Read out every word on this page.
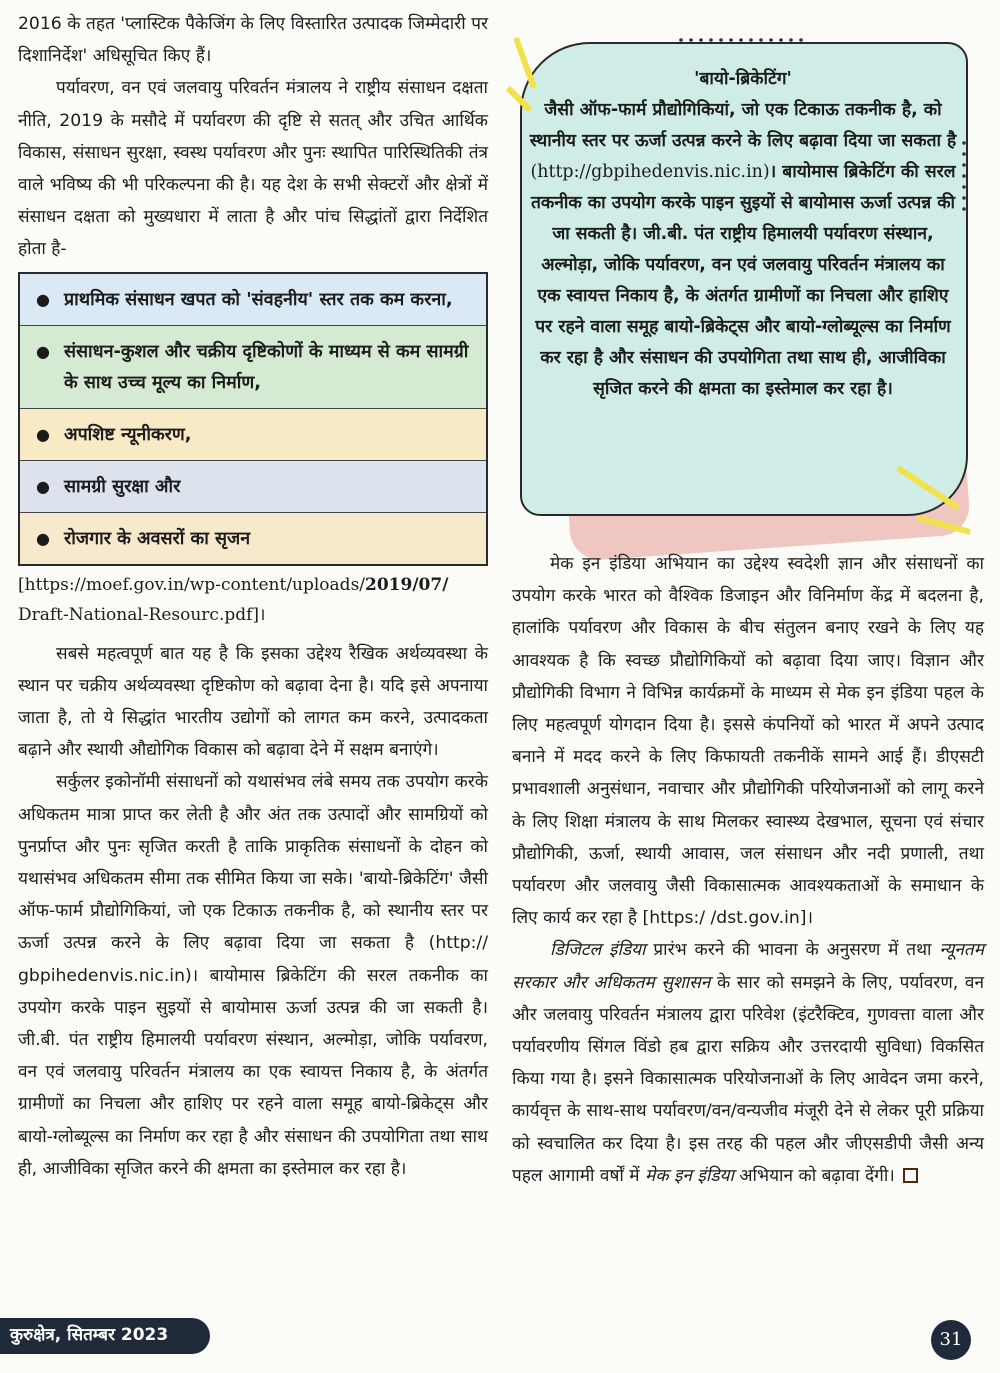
2016 के तहत 'प्लास्टिक पैकेजिंग के लिए विस्तारित उत्पादक जिम्मेदारी पर दिशानिर्देश' अधिसूचित किए हैं।

पर्यावरण, वन एवं जलवायु परिवर्तन मंत्रालय ने राष्ट्रीय संसाधन दक्षता नीति, 2019 के मसौदे में पर्यावरण की दृष्टि से सतत् और उचित आर्थिक विकास, संसाधन सुरक्षा, स्वस्थ पर्यावरण और पुनः स्थापित पारिस्थितिकी तंत्र वाले भविष्य की भी परिकल्पना की है। यह देश के सभी सेक्टरों और क्षेत्रों में संसाधन दक्षता को मुख्यधारा में लाता है और पांच सिद्धांतों द्वारा निर्देशित होता है-

● प्राथमिक संसाधन खपत को 'संवहनीय' स्तर तक कम करना,
● संसाधन-कुशल और चक्रीय दृष्टिकोणों के माध्यम से कम सामग्री के साथ उच्च मूल्य का निर्माण,
● अपशिष्ट न्यूनीकरण,
● सामग्री सुरक्षा और
● रोजगार के अवसरों का सृजन
[https://moef.gov.in/wp-content/uploads/2019/07/
Draft-National-Resourc.pdf]।

सबसे महत्वपूर्ण बात यह है कि इसका उद्देश्य रैखिक अर्थव्यवस्था के स्थान पर चक्रीय अर्थव्यवस्था दृष्टिकोण को बढ़ावा देना है। यदि इसे अपनाया जाता है, तो ये सिद्धांत भारतीय उद्योगों को लागत कम करने, उत्पादकता बढ़ाने और स्थायी औद्योगिक विकास को बढ़ावा देने में सक्षम बनाएंगे।

सर्कुलर इकोनॉमी संसाधनों को यथासंभव लंबे समय तक उपयोग करके अधिकतम मात्रा प्राप्त कर लेती है और अंत तक उत्पादों और सामग्रियों को पुनर्प्राप्त और पुनः सृजित करती है ताकि प्राकृतिक संसाधनों के दोहन को यथासंभव अधिकतम सीमा तक सीमित किया जा सके। 'बायो-ब्रिकेटिंग' जैसी ऑफ-फार्म प्रौद्योगिकियां, जो एक टिकाऊ तकनीक है, को स्थानीय स्तर पर ऊर्जा उत्पन्न करने के लिए बढ़ावा दिया जा सकता है (http:// gbpihedenvis.nic.in)। बायोमास ब्रिकेटिंग की सरल तकनीक का उपयोग करके पाइन सुइयों से बायोमास ऊर्जा उत्पन्न की जा सकती है। जी.बी. पंत राष्ट्रीय हिमालयी पर्यावरण संस्थान, अल्मोड़ा, जोकि पर्यावरण, वन एवं जलवायु परिवर्तन मंत्रालय का एक स्वायत्त निकाय है, के अंतर्गत ग्रामीणों का निचला और हाशिए पर रहने वाला समूह बायो-ब्रिकेट्स और बायो-ग्लोब्यूल्स का निर्माण कर रहा है और संसाधन की उपयोगिता तथा साथ ही, आजीविका सृजित करने की क्षमता का इस्तेमाल कर रहा है।

'बायो-ब्रिकेटिंग'
जैसी ऑफ-फार्म प्रौद्योगिकियां, जो एक टिकाऊ तकनीक है, को स्थानीय स्तर पर ऊर्जा उत्पन्न करने के लिए बढ़ावा दिया जा सकता है (http://gbpihedenvis.nic.in)। बायोमास ब्रिकेटिंग की सरल तकनीक का उपयोग करके पाइन सुइयों से बायोमास ऊर्जा उत्पन्न की जा सकती है। जी.बी. पंत राष्ट्रीय हिमालयी पर्यावरण संस्थान, अल्मोड़ा, जोकि पर्यावरण, वन एवं जलवायु परिवर्तन मंत्रालय का एक स्वायत्त निकाय है, के अंतर्गत ग्रामीणों का निचला और हाशिए पर रहने वाला समूह बायो-ब्रिकेट्स और बायो-ग्लोब्यूल्स का निर्माण कर रहा है और संसाधन की उपयोगिता तथा साथ ही, आजीविका सृजित करने की क्षमता का इस्तेमाल कर रहा है।

मेक इन इंडिया अभियान का उद्देश्य स्वदेशी ज्ञान और संसाधनों का उपयोग करके भारत को वैश्विक डिजाइन और विनिर्माण केंद्र में बदलना है, हालांकि पर्यावरण और विकास के बीच संतुलन बनाए रखने के लिए यह आवश्यक है कि स्वच्छ प्रौद्योगिकियों को बढ़ावा दिया जाए। विज्ञान और प्रौद्योगिकी विभाग ने विभिन्न कार्यक्रमों के माध्यम से मेक इन इंडिया पहल के लिए महत्वपूर्ण योगदान दिया है। इससे कंपनियों को भारत में अपने उत्पाद बनाने में मदद करने के लिए किफायती तकनीकें सामने आई हैं। डीएसटी प्रभावशाली अनुसंधान, नवाचार और प्रौद्योगिकी परियोजनाओं को लागू करने के लिए शिक्षा मंत्रालय के साथ मिलकर स्वास्थ्य देखभाल, सूचना एवं संचार प्रौद्योगिकी, ऊर्जा, स्थायी आवास, जल संसाधन और नदी प्रणाली, तथा पर्यावरण और जलवायु जैसी विकासात्मक आवश्यकताओं के समाधान के लिए कार्य कर रहा है [https:/ /dst.gov.in]।

डिजिटल इंडिया प्रारंभ करने की भावना के अनुसरण में तथा न्यूनतम सरकार और अधिकतम सुशासन के सार को समझने के लिए, पर्यावरण, वन और जलवायु परिवर्तन मंत्रालय द्वारा परिवेश (इंटरैक्टिव, गुणवत्ता वाला और पर्यावरणीय सिंगल विंडो हब द्वारा सक्रिय और उत्तरदायी सुविधा) विकसित किया गया है। इसने विकासात्मक परियोजनाओं के लिए आवेदन जमा करने, कार्यवृत्त के साथ-साथ पर्यावरण/वन/वन्यजीव मंजूरी देने से लेकर पूरी प्रक्रिया को स्वचालित कर दिया है। इस तरह की पहल और जीएसडीपी जैसी अन्य पहल आगामी वर्षों में मेक इन इंडिया अभियान को बढ़ावा देंगी।

कुरुक्षेत्र, सितम्बर 2023	31
